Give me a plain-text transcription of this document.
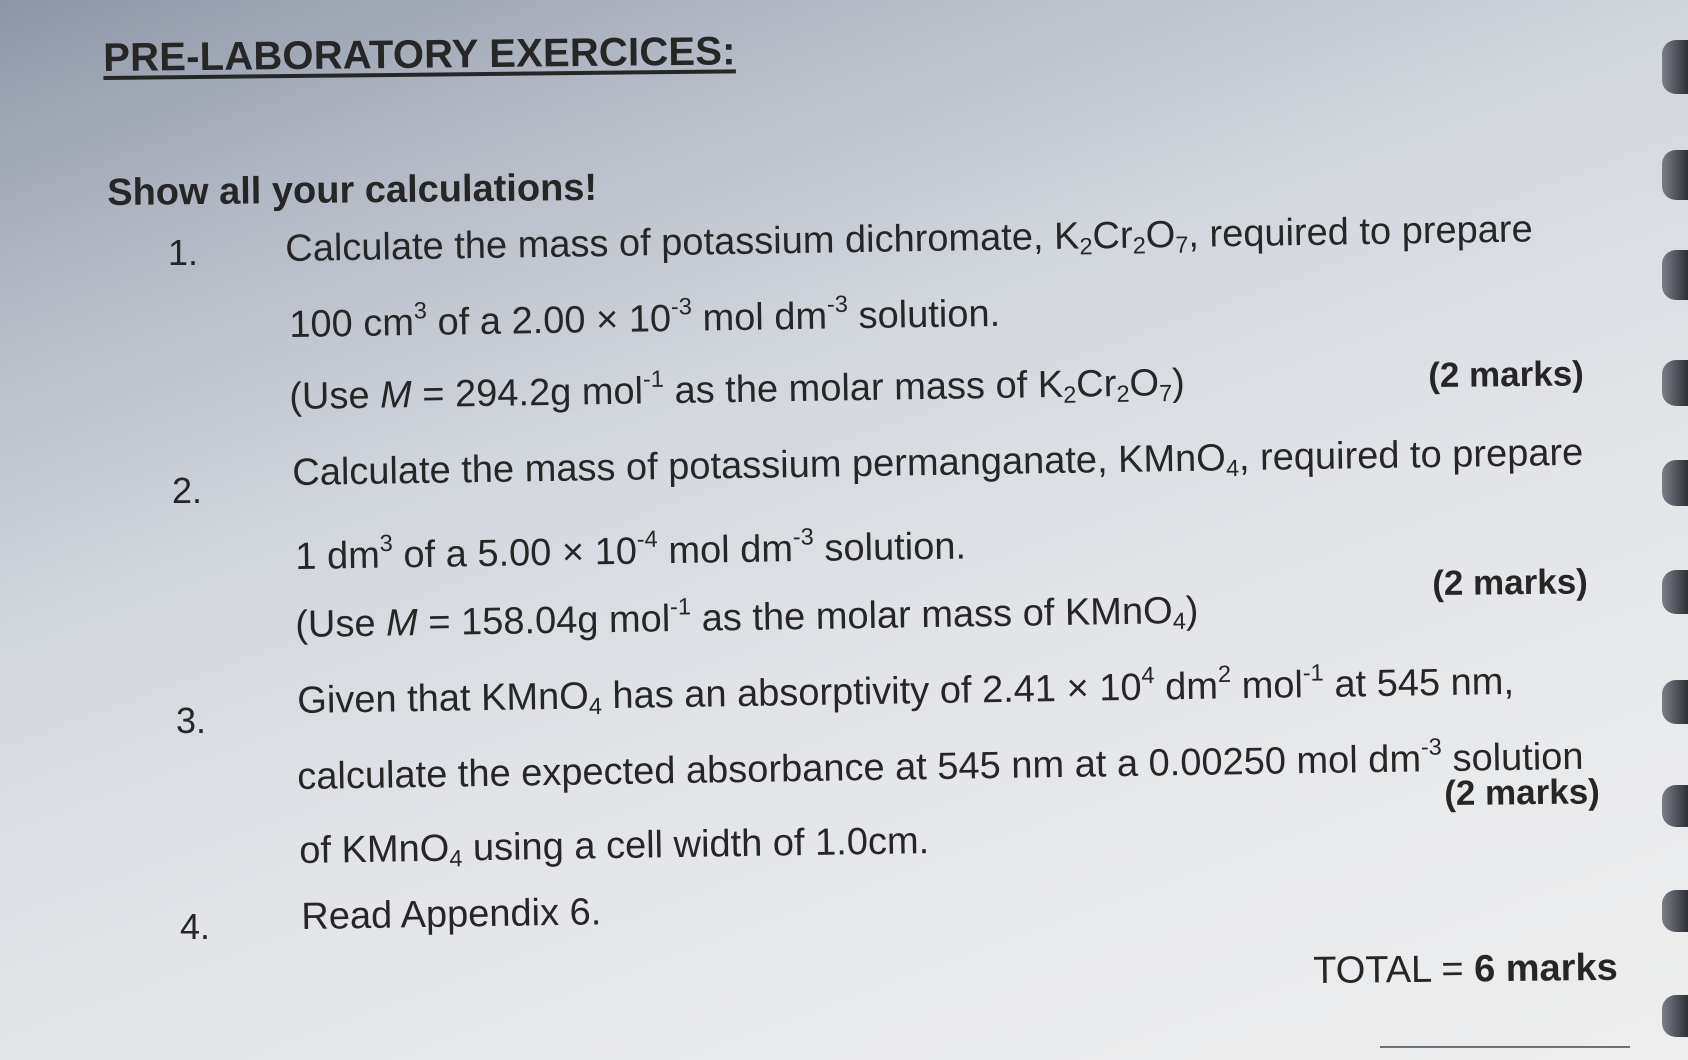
PRE-LABORATORY EXERCICES:
Show all your calculations!
1. Calculate the mass of potassium dichromate, $K_2Cr_2O_7$, required to prepare
100 $cm^3$ of a $2.00 \times 10^{-3}$ mol $dm^{-3}$ solution.
(Use M = 294.2g mol$^{-1}$ as the molar mass of $K_2Cr_2O_7$)	(2 marks)
2. Calculate the mass of potassium permanganate, KMnO$_4$, required to prepare
1 $dm^3$ of a $5.00 \times 10^{-4}$ mol $dm^{-3}$ solution.
(Use M = 158.04g mol$^{-1}$ as the molar mass of KMnO$_4$)
(2 marks)
3. Given that KMnO$_4$ has an absorptivity of $2.41 \times 10^4$ $dm^2$ mol$^{-1}$ at 545 nm,
calculate the expected absorbance at 545 nm at a 0.00250 mol $dm^{-3}$ solution
of KMnO$_4$ using a cell width of 1.0cm.
(2 marks)
4. Read Appendix 6.
TOTAL = 6 marks
